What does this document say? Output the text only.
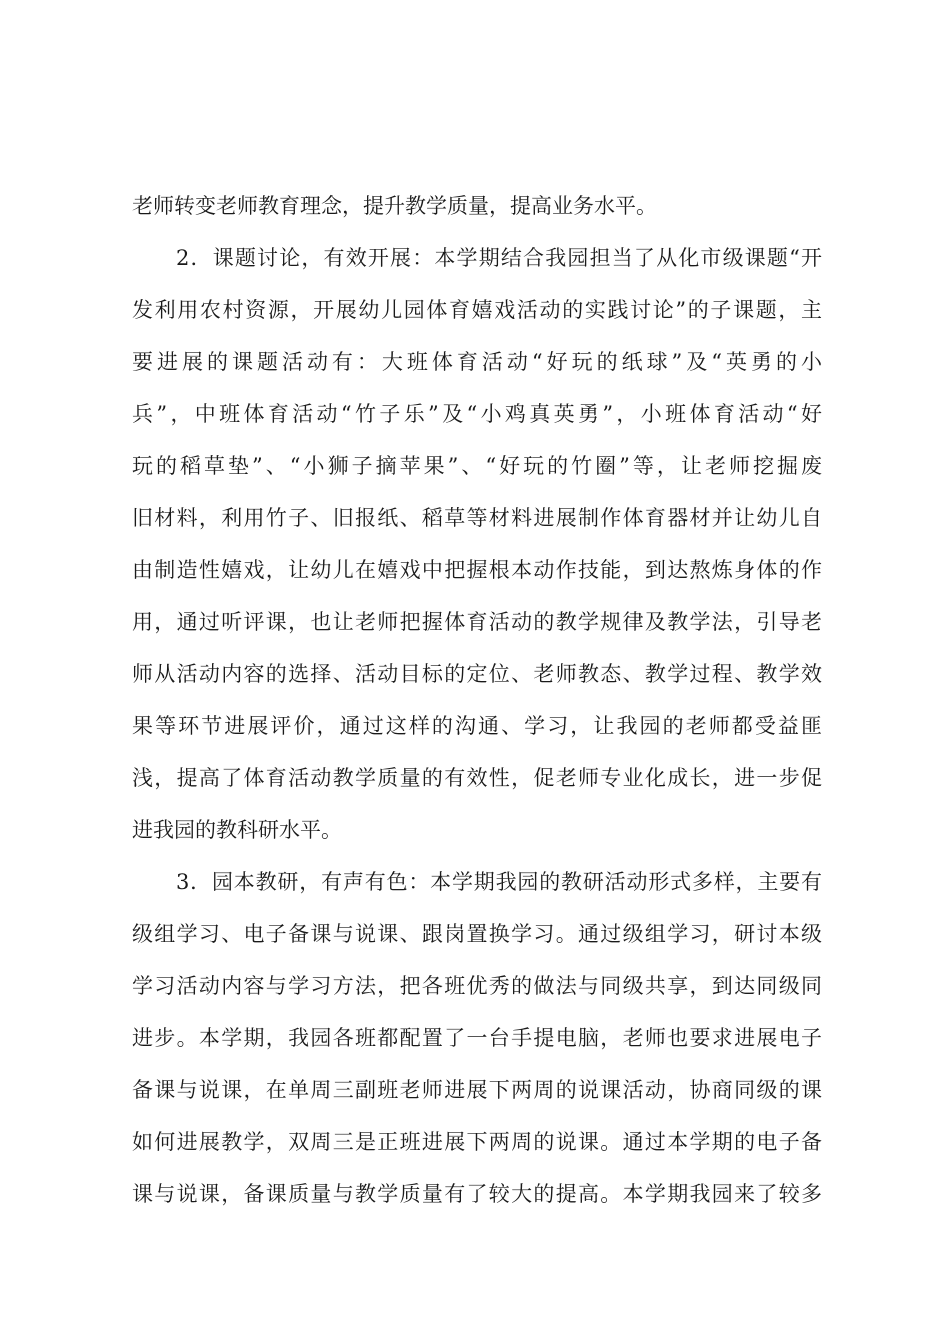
老师转变老师教育理念，提升教学质量，提高业务水平。
2．课题讨论，有效开展：本学期结合我园担当了从化市级课题“开
发利用农村资源，开展幼儿园体育嬉戏活动的实践讨论”的子课题，主
要进展的课题活动有：大班体育活动“好玩的纸球”及“英勇的小
兵”，中班体育活动“竹子乐”及“小鸡真英勇”，小班体育活动“好
玩的稻草垫”、“小狮子摘苹果”、“好玩的竹圈”等，让老师挖掘废
旧材料，利用竹子、旧报纸、稻草等材料进展制作体育器材并让幼儿自
由制造性嬉戏，让幼儿在嬉戏中把握根本动作技能，到达熬炼身体的作
用，通过听评课，也让老师把握体育活动的教学规律及教学法，引导老
师从活动内容的选择、活动目标的定位、老师教态、教学过程、教学效
果等环节进展评价，通过这样的沟通、学习，让我园的老师都受益匪
浅，提高了体育活动教学质量的有效性，促老师专业化成长，进一步促
进我园的教科研水平。
3．园本教研，有声有色：本学期我园的教研活动形式多样，主要有
级组学习、电子备课与说课、跟岗置换学习。通过级组学习，研讨本级
学习活动内容与学习方法，把各班优秀的做法与同级共享，到达同级同
进步。本学期，我园各班都配置了一台手提电脑，老师也要求进展电子
备课与说课，在单周三副班老师进展下两周的说课活动，协商同级的课
如何进展教学，双周三是正班进展下两周的说课。通过本学期的电子备
课与说课，备课质量与教学质量有了较大的提高。本学期我园来了较多
